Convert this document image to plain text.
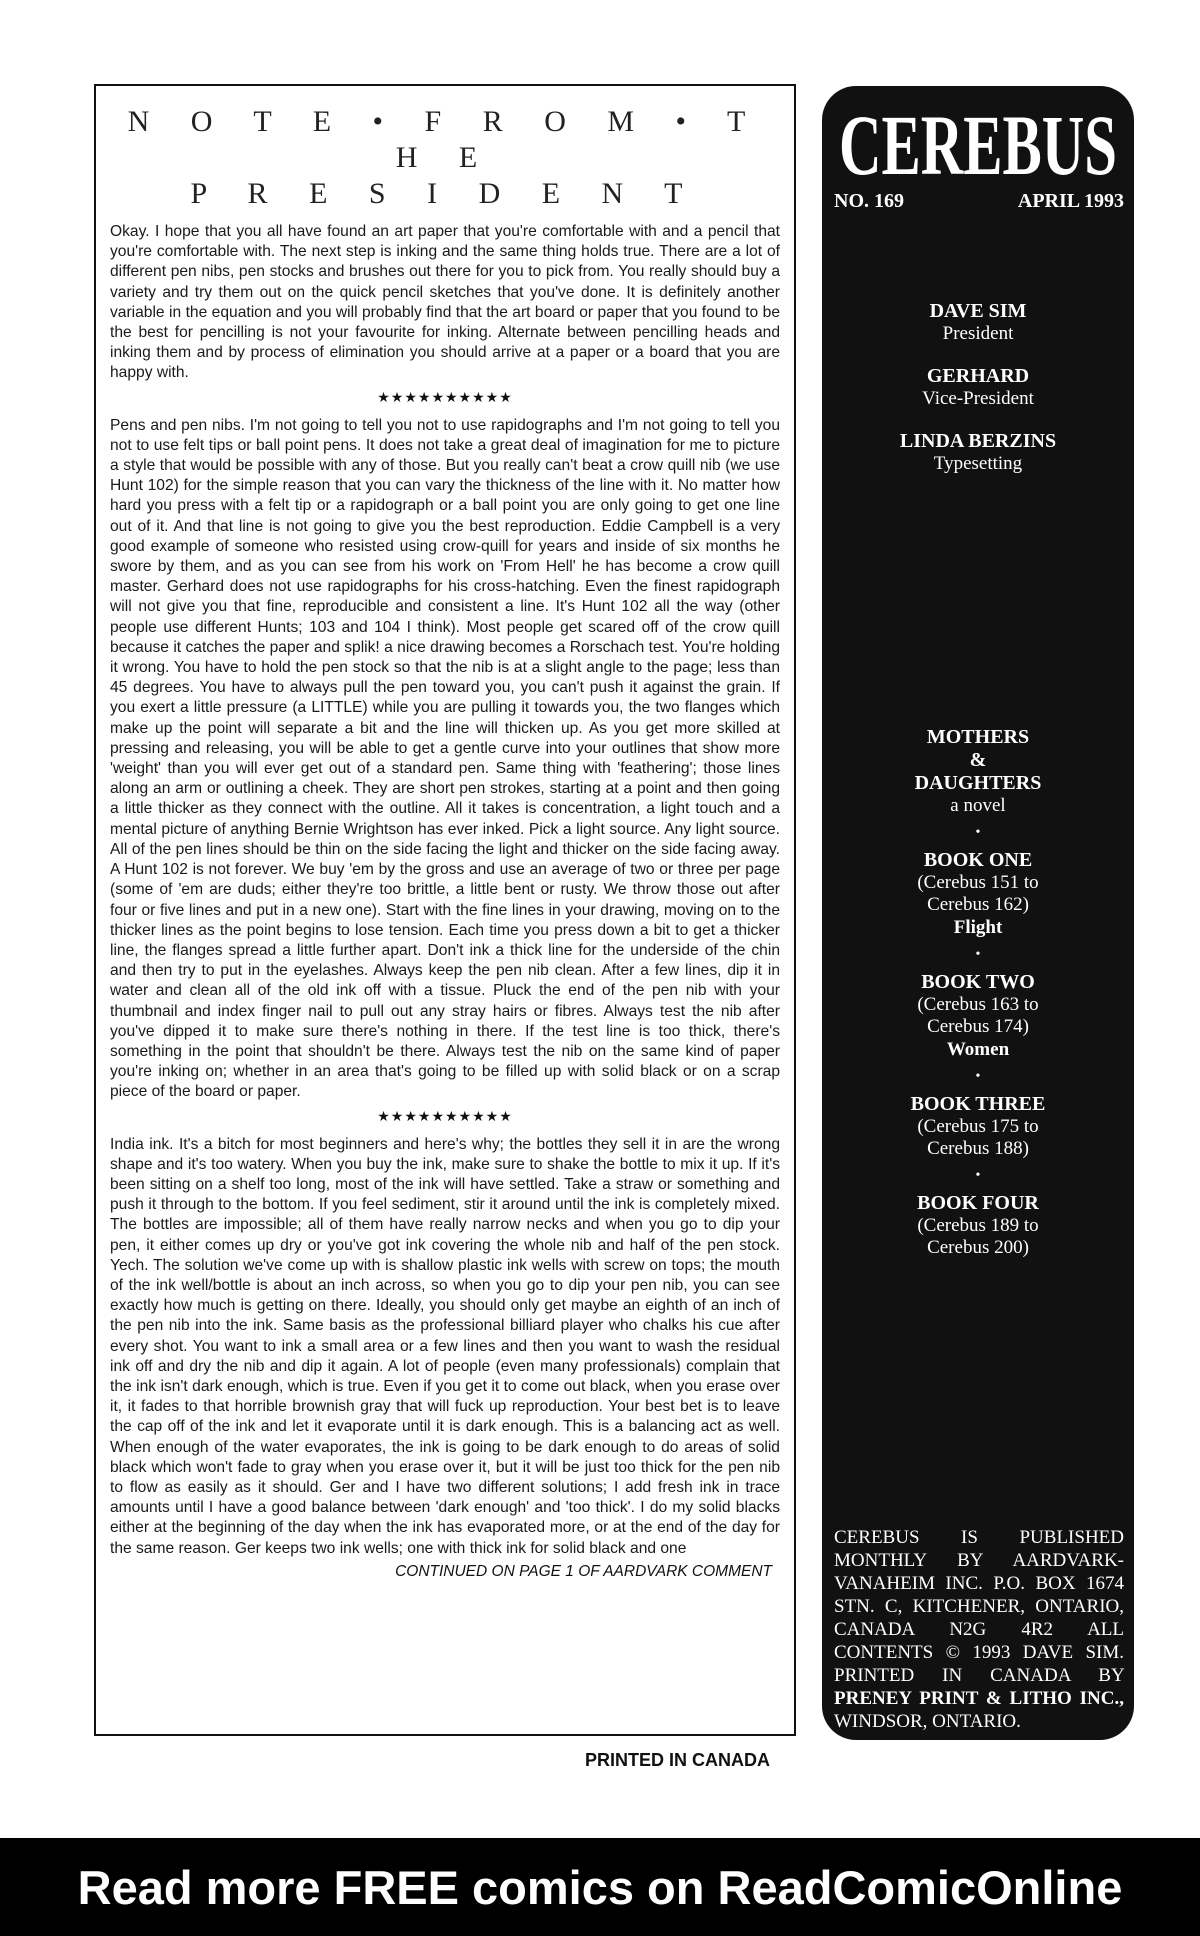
N O T E • F R O M • T H E
P R E S I D E N T

Okay. I hope that you all have found an art paper that you're comfortable with and a pencil that you're comfortable with. The next step is inking and the same thing holds true. There are a lot of different pen nibs, pen stocks and brushes out there for you to pick from. You really should buy a variety and try them out on the quick pencil sketches that you've done. It is definitely another variable in the equation and you will probably find that the art board or paper that you found to be the best for pencilling is not your favourite for inking. Alternate between pencilling heads and inking them and by process of elimination you should arrive at a paper or a board that you are happy with.

★★★★★★★★★★

Pens and pen nibs. I'm not going to tell you not to use rapidographs and I'm not going to tell you not to use felt tips or ball point pens. It does not take a great deal of imagination for me to picture a style that would be possible with any of those. But you really can't beat a crow quill nib (we use Hunt 102) for the simple reason that you can vary the thickness of the line with it. No matter how hard you press with a felt tip or a rapidograph or a ball point you are only going to get one line out of it. And that line is not going to give you the best reproduction. Eddie Campbell is a very good example of someone who resisted using crow-quill for years and inside of six months he swore by them, and as you can see from his work on 'From Hell' he has become a crow quill master. Gerhard does not use rapidographs for his cross-hatching. Even the finest rapidograph will not give you that fine, reproducible and consistent a line. It's Hunt 102 all the way (other people use different Hunts; 103 and 104 I think). Most people get scared off of the crow quill because it catches the paper and splik! a nice drawing becomes a Rorschach test. You're holding it wrong. You have to hold the pen stock so that the nib is at a slight angle to the page; less than 45 degrees. You have to always pull the pen toward you, you can't push it against the grain. If you exert a little pressure (a LITTLE) while you are pulling it towards you, the two flanges which make up the point will separate a bit and the line will thicken up. As you get more skilled at pressing and releasing, you will be able to get a gentle curve into your outlines that show more 'weight' than you will ever get out of a standard pen. Same thing with 'feathering'; those lines along an arm or outlining a cheek. They are short pen strokes, starting at a point and then going a little thicker as they connect with the outline. All it takes is concentration, a light touch and a mental picture of anything Bernie Wrightson has ever inked. Pick a light source. Any light source. All of the pen lines should be thin on the side facing the light and thicker on the side facing away. A Hunt 102 is not forever. We buy 'em by the gross and use an average of two or three per page (some of 'em are duds; either they're too brittle, a little bent or rusty. We throw those out after four or five lines and put in a new one). Start with the fine lines in your drawing, moving on to the thicker lines as the point begins to lose tension. Each time you press down a bit to get a thicker line, the flanges spread a little further apart. Don't ink a thick line for the underside of the chin and then try to put in the eyelashes. Always keep the pen nib clean. After a few lines, dip it in water and clean all of the old ink off with a tissue. Pluck the end of the pen nib with your thumbnail and index finger nail to pull out any stray hairs or fibres. Always test the nib after you've dipped it to make sure there's nothing in there. If the test line is too thick, there's something in the point that shouldn't be there. Always test the nib on the same kind of paper you're inking on; whether in an area that's going to be filled up with solid black or on a scrap piece of the board or paper.

★★★★★★★★★★

India ink. It's a bitch for most beginners and here's why; the bottles they sell it in are the wrong shape and it's too watery. When you buy the ink, make sure to shake the bottle to mix it up. If it's been sitting on a shelf too long, most of the ink will have settled. Take a straw or something and push it through to the bottom. If you feel sediment, stir it around until the ink is completely mixed. The bottles are impossible; all of them have really narrow necks and when you go to dip your pen, it either comes up dry or you've got ink covering the whole nib and half of the pen stock. Yech. The solution we've come up with is shallow plastic ink wells with screw on tops; the mouth of the ink well/bottle is about an inch across, so when you go to dip your pen nib, you can see exactly how much is getting on there. Ideally, you should only get maybe an eighth of an inch of the pen nib into the ink. Same basis as the professional billiard player who chalks his cue after every shot. You want to ink a small area or a few lines and then you want to wash the residual ink off and dry the nib and dip it again. A lot of people (even many professionals) complain that the ink isn't dark enough, which is true. Even if you get it to come out black, when you erase over it, it fades to that horrible brownish gray that will fuck up reproduction. Your best bet is to leave the cap off of the ink and let it evaporate until it is dark enough. This is a balancing act as well. When enough of the water evaporates, the ink is going to be dark enough to do areas of solid black which won't fade to gray when you erase over it, but it will be just too thick for the pen nib to flow as easily as it should. Ger and I have two different solutions; I add fresh ink in trace amounts until I have a good balance between 'dark enough' and 'too thick'. I do my solid blacks either at the beginning of the day when the ink has evaporated more, or at the end of the day for the same reason. Ger keeps two ink wells; one with thick ink for solid black and one

CONTINUED ON PAGE 1 OF AARDVARK COMMENT
PRINTED IN CANADA
CEREBUS
NO. 169	APRIL 1993
DAVE SIM
President
GERHARD
Vice-President
LINDA BERZINS
Typesetting
MOTHERS
&
DAUGHTERS
a novel
•
BOOK ONE
(Cerebus 151 to
Cerebus 162)
Flight
•
BOOK TWO
(Cerebus 163 to
Cerebus 174)
Women
•
BOOK THREE
(Cerebus 175 to
Cerebus 188)
•
BOOK FOUR
(Cerebus 189 to
Cerebus 200)
CEREBUS IS PUBLISHED MONTHLY BY AARDVARK-VANAHEIM INC. P.O. BOX 1674 STN. C, KITCHENER, ONTARIO, CANADA N2G 4R2 ALL CONTENTS © 1993 DAVE SIM. PRINTED IN CANADA BY PRENEY PRINT & LITHO INC., WINDSOR, ONTARIO.
Read more FREE comics on ReadComicOnline
